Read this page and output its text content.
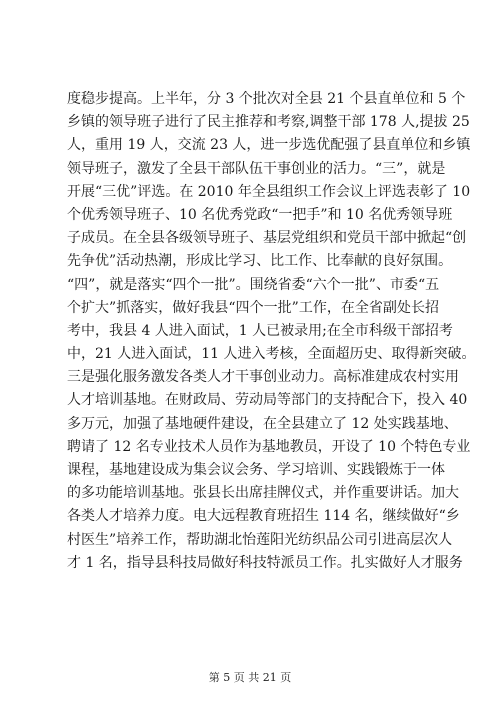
度稳步提高。上半年，分 3 个批次对全县 21 个县直单位和 5 个
乡镇的领导班子进行了民主推荐和考察,调整干部 178 人,提拔 25
人，重用 19 人，交流 23 人，进一步选优配强了县直单位和乡镇
领导班子，激发了全县干部队伍干事创业的活力。“三”，就是
开展“三优”评选。在 2010 年全县组织工作会议上评选表彰了 10
个优秀领导班子、10 名优秀党政“一把手”和 10 名优秀领导班
子成员。在全县各级领导班子、基层党组织和党员干部中掀起“创
先争优”活动热潮，形成比学习、比工作、比奉献的良好氛围。
“四”，就是落实“四个一批”。围绕省委“六个一批”、市委“五
个扩大”抓落实，做好我县“四个一批”工作，在全省副处长招
考中，我县 4 人进入面试，1 人已被录用;在全市科级干部招考
中，21 人进入面试，11 人进入考核，全面超历史、取得新突破。
三是强化服务激发各类人才干事创业动力。高标准建成农村实用
人才培训基地。在财政局、劳动局等部门的支持配合下，投入 40
多万元，加强了基地硬件建设，在全县建立了 12 处实践基地、
聘请了 12 名专业技术人员作为基地教员，开设了 10 个特色专业
课程，基地建设成为集会议会务、学习培训、实践锻炼于一体
的多功能培训基地。张县长出席挂牌仪式，并作重要讲话。加大
各类人才培养力度。电大远程教育班招生 114 名，继续做好“乡
村医生”培养工作，帮助湖北怡莲阳光纺织品公司引进高层次人
才 1 名，指导县科技局做好科技特派员工作。扎实做好人才服务
第 5 页 共 21 页
